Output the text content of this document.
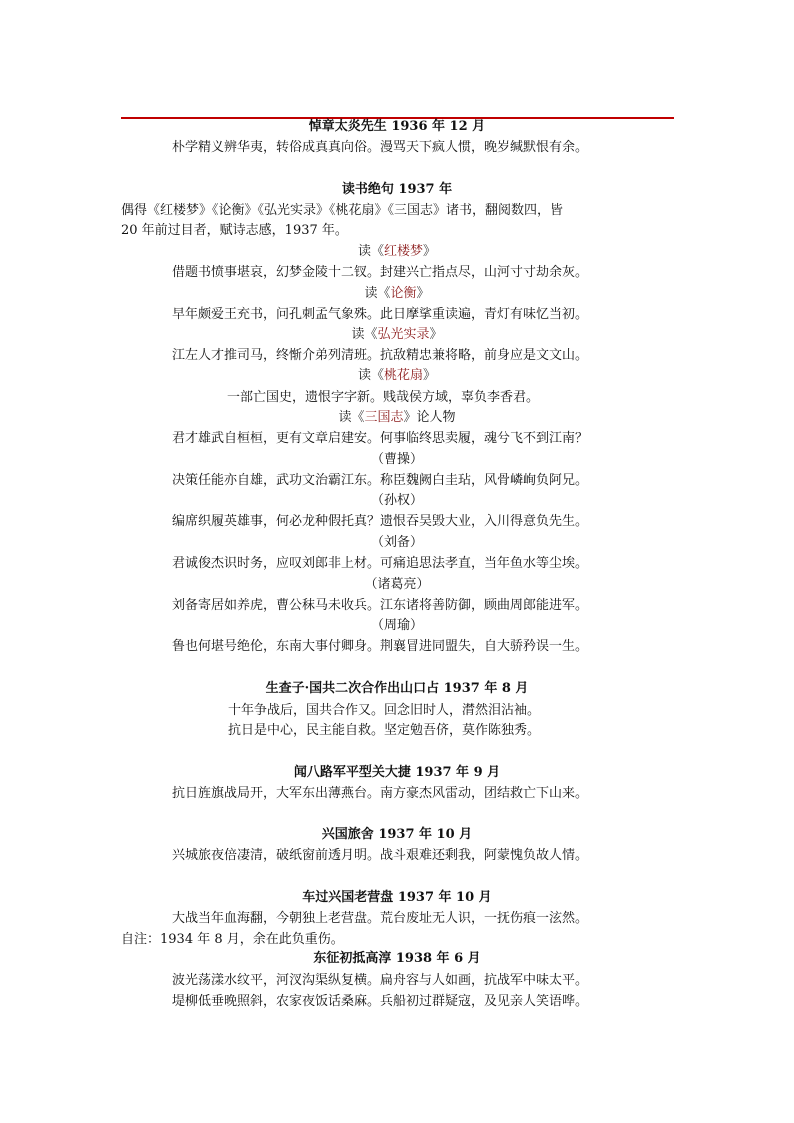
悼章太炎先生 1936 年 12 月
朴学精义辨华夷，转俗成真真向俗。漫骂天下疯人惯，晚岁缄默恨有余。
读书绝句 1937 年
偶得《红楼梦》《论衡》《弘光实录》《桃花扇》《三国志》诸书，翻阅数四，皆
20 年前过目者，赋诗志感，1937 年。
读《红楼梦》
借题书愤事堪哀，幻梦金陵十二钗。封建兴亡指点尽，山河寸寸劫余灰。
读《论衡》
早年颇爱王充书，问孔刺孟气象殊。此日摩挲重读遍，青灯有味忆当初。
读《弘光实录》
江左人才推司马，终惭介弟列清班。抗敌精忠兼将略，前身应是文文山。
读《桃花扇》
一部亡国史，遗恨字字新。贱哉侯方域，辜负李香君。
读《三国志》论人物
君才雄武自桓桓，更有文章启建安。何事临终思卖履，魂兮飞不到江南？
（曹操）
决策任能亦自雄，武功文治霸江东。称臣魏阙白圭玷，风骨嶙峋负阿兄。
（孙权）
编席织履英雄事，何必龙种假托真？遗恨吞吴毁大业，入川得意负先生。
（刘备）
君诚俊杰识时务，应叹刘郎非上材。可痛追思法孝直，当年鱼水等尘埃。
（诸葛亮）
刘备寄居如养虎，曹公秣马未收兵。江东诸将善防御，顾曲周郎能进军。
（周瑜）
鲁也何堪号绝伦，东南大事付卿身。荆襄冒进同盟失，自大骄矜误一生。
生查子·国共二次合作出山口占 1937 年 8 月
十年争战后，国共合作又。回念旧时人，潸然泪沾袖。
抗日是中心，民主能自救。坚定勉吾侪，莫作陈独秀。
闻八路军平型关大捷 1937 年 9 月
抗日旌旗战局开，大军东出薄燕台。南方豪杰风雷动，团结救亡下山来。
兴国旅舍 1937 年 10 月
兴城旅夜倍凄清，破纸窗前透月明。战斗艰难还剩我，阿蒙愧负故人情。
车过兴国老营盘 1937 年 10 月
大战当年血海翻，今朝独上老营盘。荒台废址无人识，一抚伤痕一泫然。
自注：1934 年 8 月，余在此负重伤。
东征初抵高淳 1938 年 6 月
波光荡漾水纹平，河汊沟渠纵复横。扁舟容与人如画，抗战军中味太平。
堤柳低垂晚照斜，农家夜饭话桑麻。兵船初过群疑寇，及见亲人笑语哗。
